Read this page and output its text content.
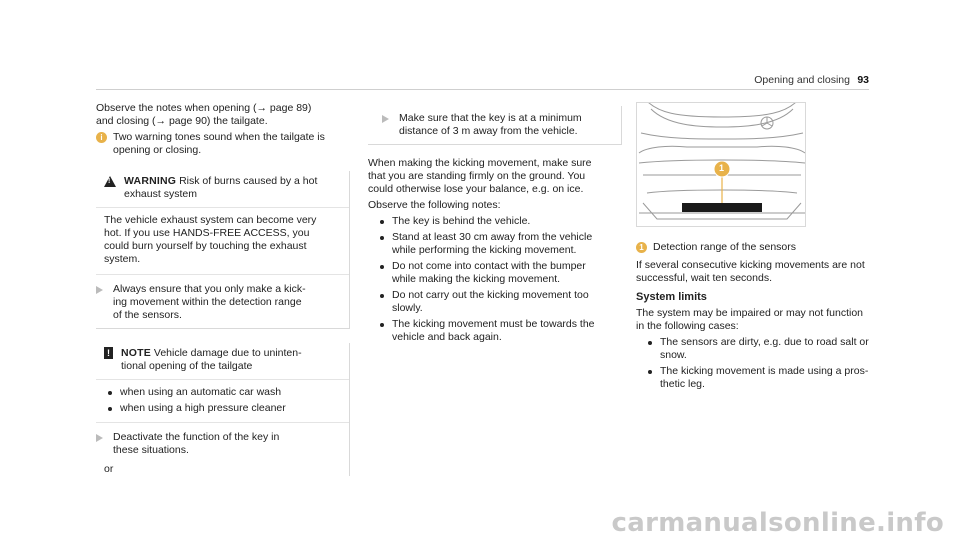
Opening and closing 93

Observe the notes when opening (→ page 89)

and closing (→ page 90) the tailgate.

i Two warning tones sound when the tailgate is

opening or closing.

!

WARNING Risk of burns caused by a hot

exhaust system

The vehicle exhaust system can become very

hot. If you use HANDS-FREE ACCESS, you

could burn yourself by touching the exhaust

system.

Always ensure that you only make a kick-

ing movement within the detection range

of the sensors.

! NOTE Vehicle damage due to uninten-

tional opening of the tailgate

when using an automatic car wash
when using a high pressure cleaner

Deactivate the function of the key in

these situations.

or

Make sure that the key is at a minimum

distance of 3 m away from the vehicle.

When making the kicking movement, make sure

that you are standing firmly on the ground. You

could otherwise lose your balance, e.g. on ice.

Observe the following notes:

The key is behind the vehicle.

Stand at least 30 cm away from the vehicle

while performing the kicking movement.

Do not come into contact with the bumper

while making the kicking movement.

Do not carry out the kicking movement too

slowly.

The kicking movement must be towards the

vehicle and back again.

1
1 Detection range of the sensors

If several consecutive kicking movements are not

successful, wait ten seconds.

System limits

The system may be impaired or may not function

in the following cases:

The sensors are dirty, e.g. due to road salt or

snow.

The kicking movement is made using a pros-

thetic leg.

carmanualsonline.info
